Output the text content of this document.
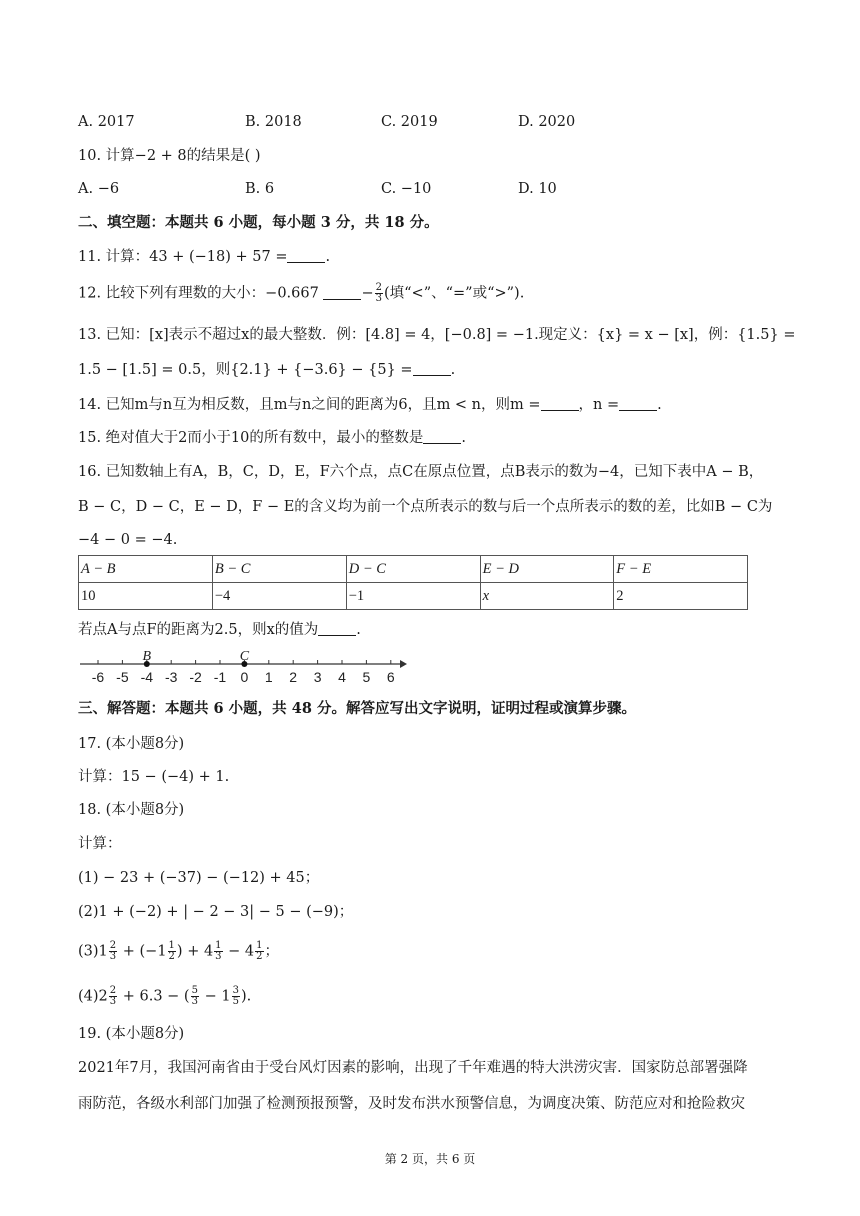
A. 2017	B. 2018	C. 2019	D. 2020
10. 计算−2 + 8的结果是( )
A. −6	B. 6	C. −10	D. 10
二、填空题：本题共 6 小题，每小题 3 分，共 18 分。
11. 计算：43 + (−18) + 57 =	.
12. 比较下列有理数的大小：−0.667	− $\frac{2}{3}$ (填“<”、“=”或“>”).
13. 已知：[x]表示不超过x的最大整数．例：[4.8] = 4，[−0.8] = −1.现定义：{x} = x − [x]，例：{1.5} =
1.5 − [1.5] = 0.5，则{2.1} + {−3.6} − {5} =	.
14. 已知m与n互为相反数，且m与n之间的距离为6，且m < n，则m =	，n =	.
15. 绝对值大于2而小于10的所有数中，最小的整数是	.
16. 已知数轴上有A，B，C，D，E，F六个点，点C在原点位置，点B表示的数为−4，已知下表中A − B，
B − C，D − C，E − D，F − E的含义均为前一个点所表示的数与后一个点所表示的数的差，比如B − C为
−4 − 0 = −4.
A − B	B − C	D − C	E − D	F − E
10	−4	−1	x	2
若点A与点F的距离为2.5，则x的值为	.
-6 -5 -4 -3 -2 -1 0 1 2 3 4 5 6
B	C
三、解答题：本题共 6 小题，共 48 分。解答应写出文字说明，证明过程或演算步骤。
17. (本小题8分)
计算：15 − (−4) + 1.
18. (本小题8分)
计算：
(1) − 23 + (−37) − (−12) + 45；
(2)1 + (−2) + | − 2 − 3| − 5 − (−9)；
$(3)1 \frac{2}{3} + (-1 \frac{1}{2}$ ) + $4 \frac{1}{3} - 4 \frac{1}{2}$ ；
$(4)2 \frac{2}{3} + 6.3$ − ( $\frac{5}{3} - 1 \frac{3}{5}$ ).
19. (本小题8分)
2021年7月，我国河南省由于受台风灯因素的影响，出现了千年难遇的特大洪涝灾害．国家防总部署强降
雨防范，各级水利部门加强了检测预报预警，及时发布洪水预警信息，为调度决策、防范应对和抢险救灾
第 2 页，共 6 页
